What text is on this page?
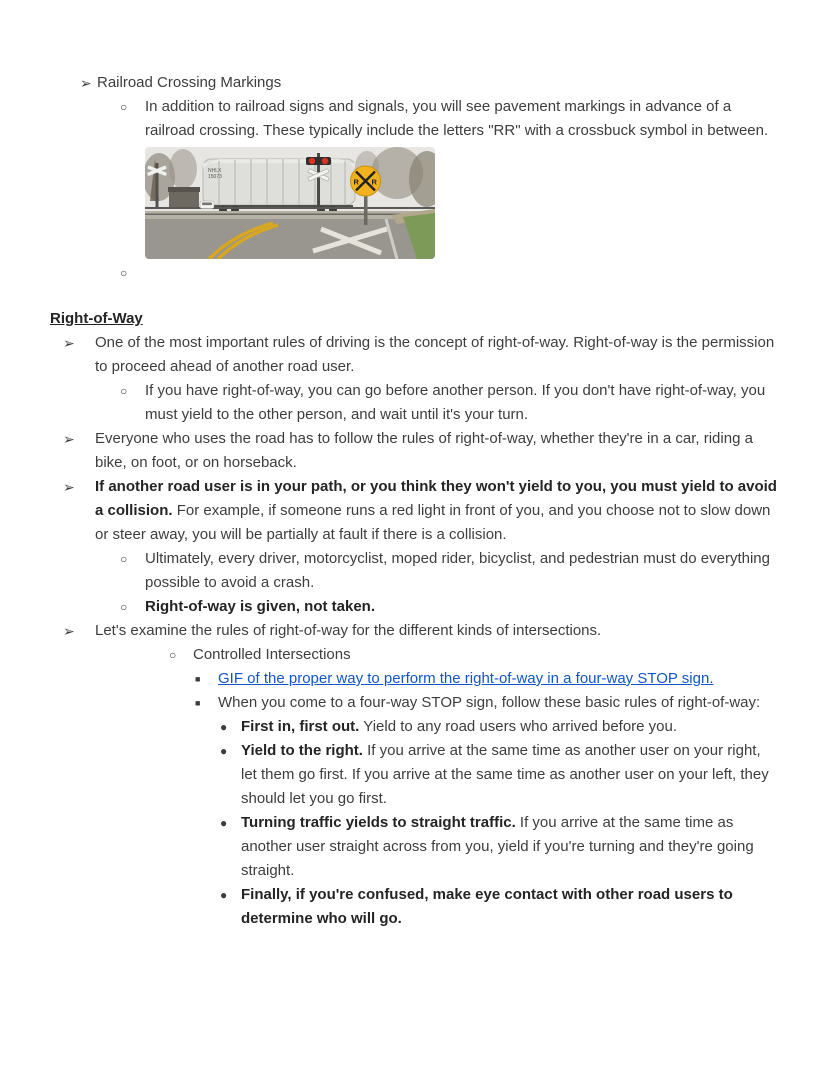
➢ Railroad Crossing Markings
○ In addition to railroad signs and signals, you will see pavement markings in advance of a railroad crossing. These typically include the letters "RR" with a crossbuck symbol in between.
NHLX
15073
R R
○
Right-of-Way
➢ One of the most important rules of driving is the concept of right-of-way. Right-of-way is the permission to proceed ahead of another road user.
○ If you have right-of-way, you can go before another person. If you don't have right-of-way, you must yield to the other person, and wait until it's your turn.
➢ Everyone who uses the road has to follow the rules of right-of-way, whether they're in a car, riding a bike, on foot, or on horseback.
➢ If another road user is in your path, or you think they won't yield to you, you must yield to avoid a collision. For example, if someone runs a red light in front of you, and you choose not to slow down or steer away, you will be partially at fault if there is a collision.
○ Ultimately, every driver, motorcyclist, moped rider, bicyclist, and pedestrian must do everything possible to avoid a crash.
○ Right-of-way is given, not taken.
➢ Let's examine the rules of right-of-way for the different kinds of intersections.
○ Controlled Intersections
■ GIF of the proper way to perform the right-of-way in a four-way STOP sign.
■ When you come to a four-way STOP sign, follow these basic rules of right-of-way:
● First in, first out. Yield to any road users who arrived before you.
● Yield to the right. If you arrive at the same time as another user on your right, let them go first. If you arrive at the same time as another user on your left, they should let you go first.
● Turning traffic yields to straight traffic. If you arrive at the same time as another user straight across from you, yield if you're turning and they're going straight.
● Finally, if you're confused, make eye contact with other road users to determine who will go.
